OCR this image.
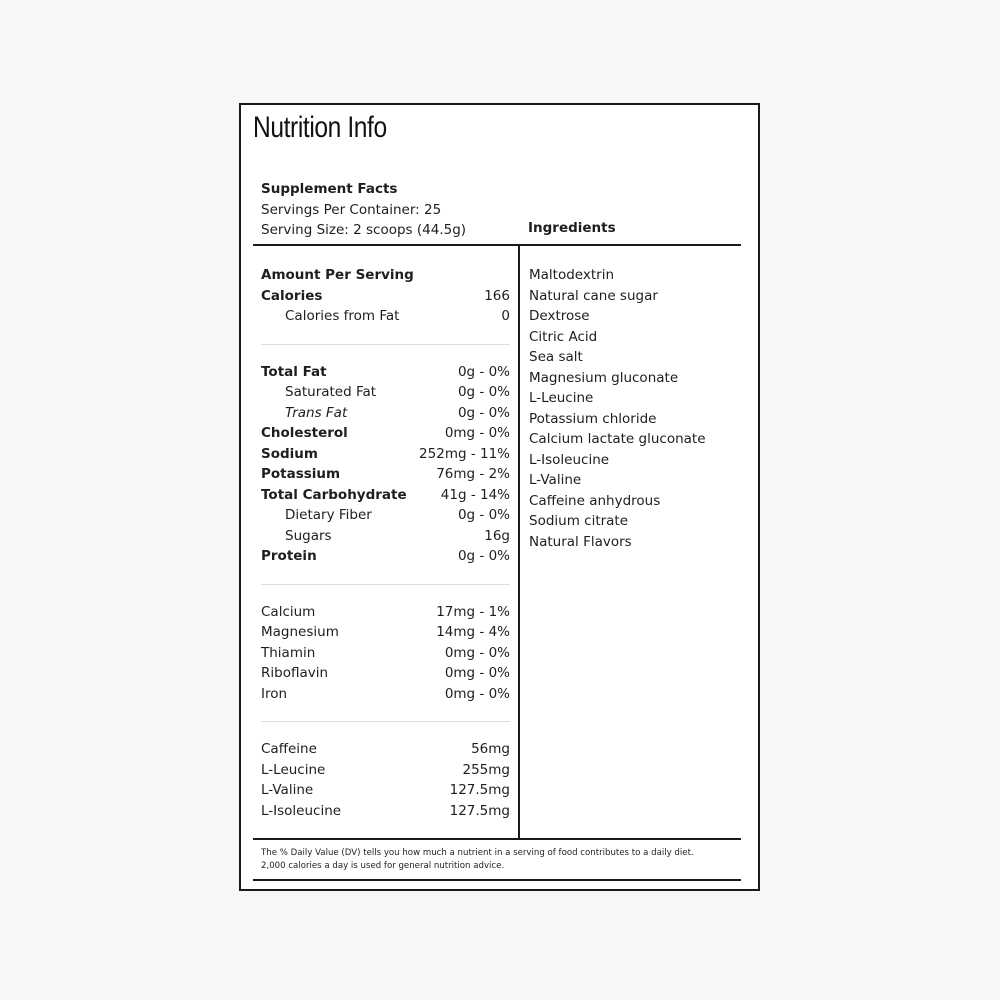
Nutrition Info
Supplement Facts
Servings Per Container: 25
Serving Size: 2 scoops (44.5g)	Ingredients
Amount Per Serving
Calories	166
Calories from Fat	0
Total Fat	0g - 0%
Saturated Fat	0g - 0%
Trans Fat	0g - 0%
Cholesterol	0mg - 0%
Sodium	252mg - 11%
Potassium	76mg - 2%
Total Carbohydrate	41g - 14%
Dietary Fiber	0g - 0%
Sugars	16g
Protein	0g - 0%
Calcium	17mg - 1%
Magnesium	14mg - 4%
Thiamin	0mg - 0%
Riboflavin	0mg - 0%
Iron	0mg - 0%
Caffeine	56mg
L-Leucine	255mg
L-Valine	127.5mg
L-Isoleucine	127.5mg
Maltodextrin
Natural cane sugar
Dextrose
Citric Acid
Sea salt
Magnesium gluconate
L-Leucine
Potassium chloride
Calcium lactate gluconate
L-Isoleucine
L-Valine
Caffeine anhydrous
Sodium citrate
Natural Flavors
The % Daily Value (DV) tells you how much a nutrient in a serving of food contributes to a daily diet.
2,000 calories a day is used for general nutrition advice.
